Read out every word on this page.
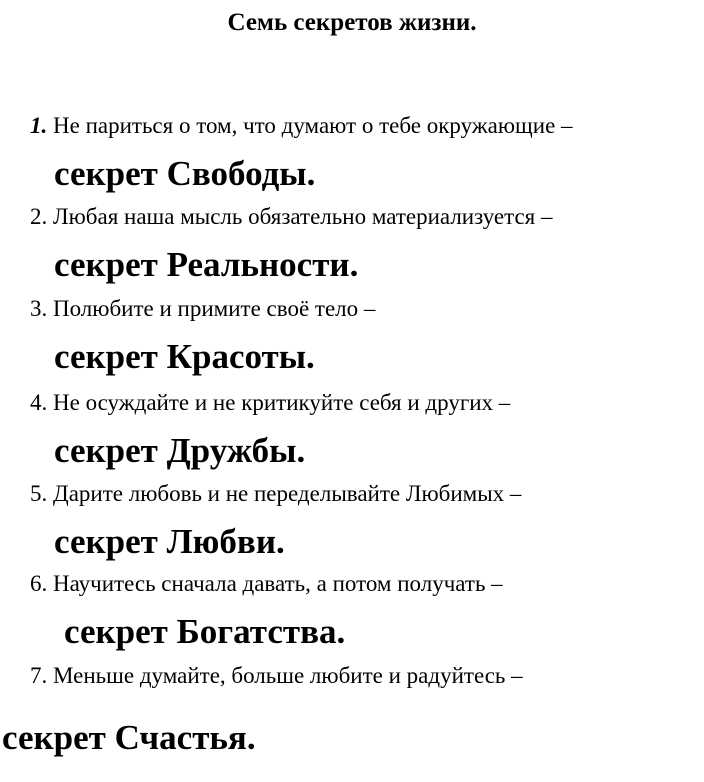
Семь секретов жизни.
1. Не париться о том, что думают о тебе окружающие –
секрет Свободы.
2. Любая наша мысль обязательно материализуется –
секрет Реальности.
3. Полюбите и примите своё тело –
секрет Красоты.
4. Не осуждайте и не критикуйте себя и других –
секрет Дружбы.
5. Дарите любовь и не переделывайте Любимых –
секрет Любви.
6. Научитесь сначала давать, а потом получать –
секрет Богатства.
7. Меньше думайте, больше любите и радуйтесь –
секрет Счастья.
